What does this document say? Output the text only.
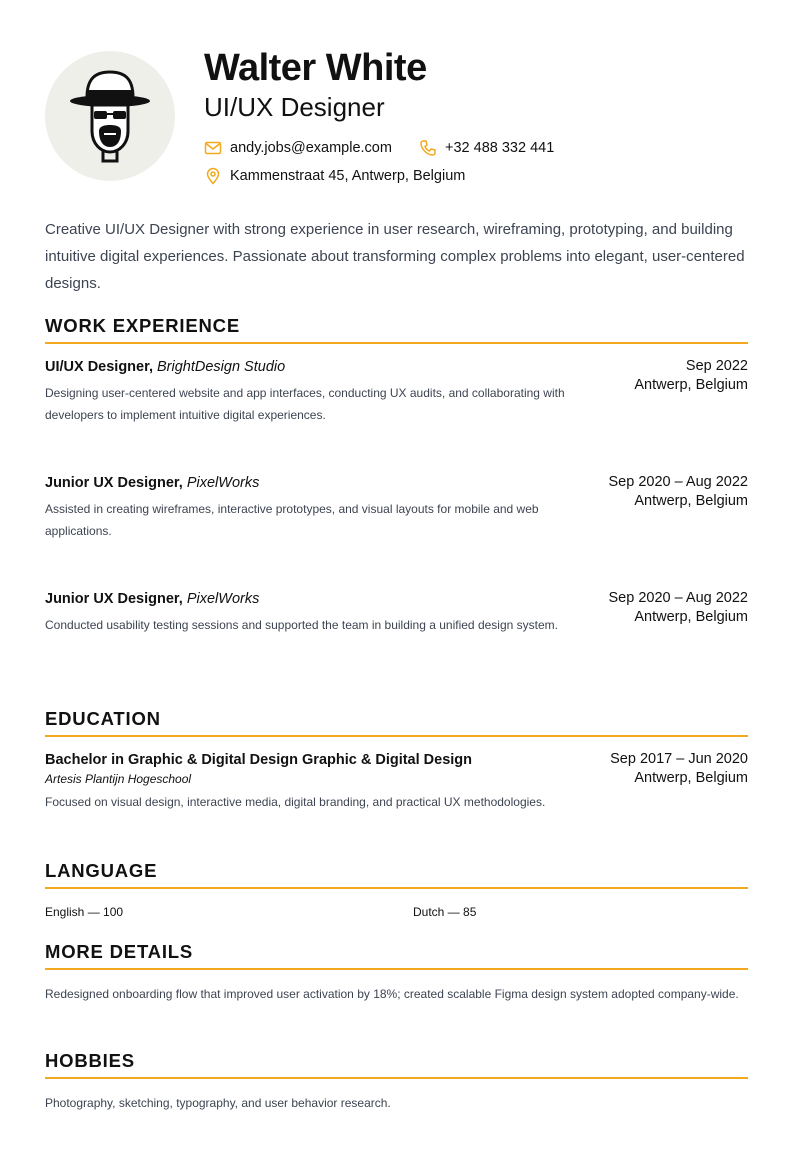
Walter White
UI/UX Designer
andy.jobs@example.com	+32 488 332 441
Kammenstraat 45, Antwerp, Belgium
Creative UI/UX Designer with strong experience in user research, wireframing, prototyping, and building intuitive digital experiences. Passionate about transforming complex problems into elegant, user-centered designs.
WORK EXPERIENCE
UI/UX Designer, BrightDesign Studio
Designing user-centered website and app interfaces, conducting UX audits, and collaborating with developers to implement intuitive digital experiences.
Sep 2022
Antwerp, Belgium
Junior UX Designer, PixelWorks
Assisted in creating wireframes, interactive prototypes, and visual layouts for mobile and web applications.
Sep 2020 – Aug 2022
Antwerp, Belgium
Junior UX Designer, PixelWorks
Conducted usability testing sessions and supported the team in building a unified design system.
Sep 2020 – Aug 2022
Antwerp, Belgium
EDUCATION
Bachelor in Graphic & Digital Design Graphic & Digital Design
Artesis Plantijn Hogeschool
Focused on visual design, interactive media, digital branding, and practical UX methodologies.
Sep 2017 – Jun 2020
Antwerp, Belgium
LANGUAGE
English — 100	Dutch — 85
MORE DETAILS
Redesigned onboarding flow that improved user activation by 18%; created scalable Figma design system adopted company-wide.
HOBBIES
Photography, sketching, typography, and user behavior research.
